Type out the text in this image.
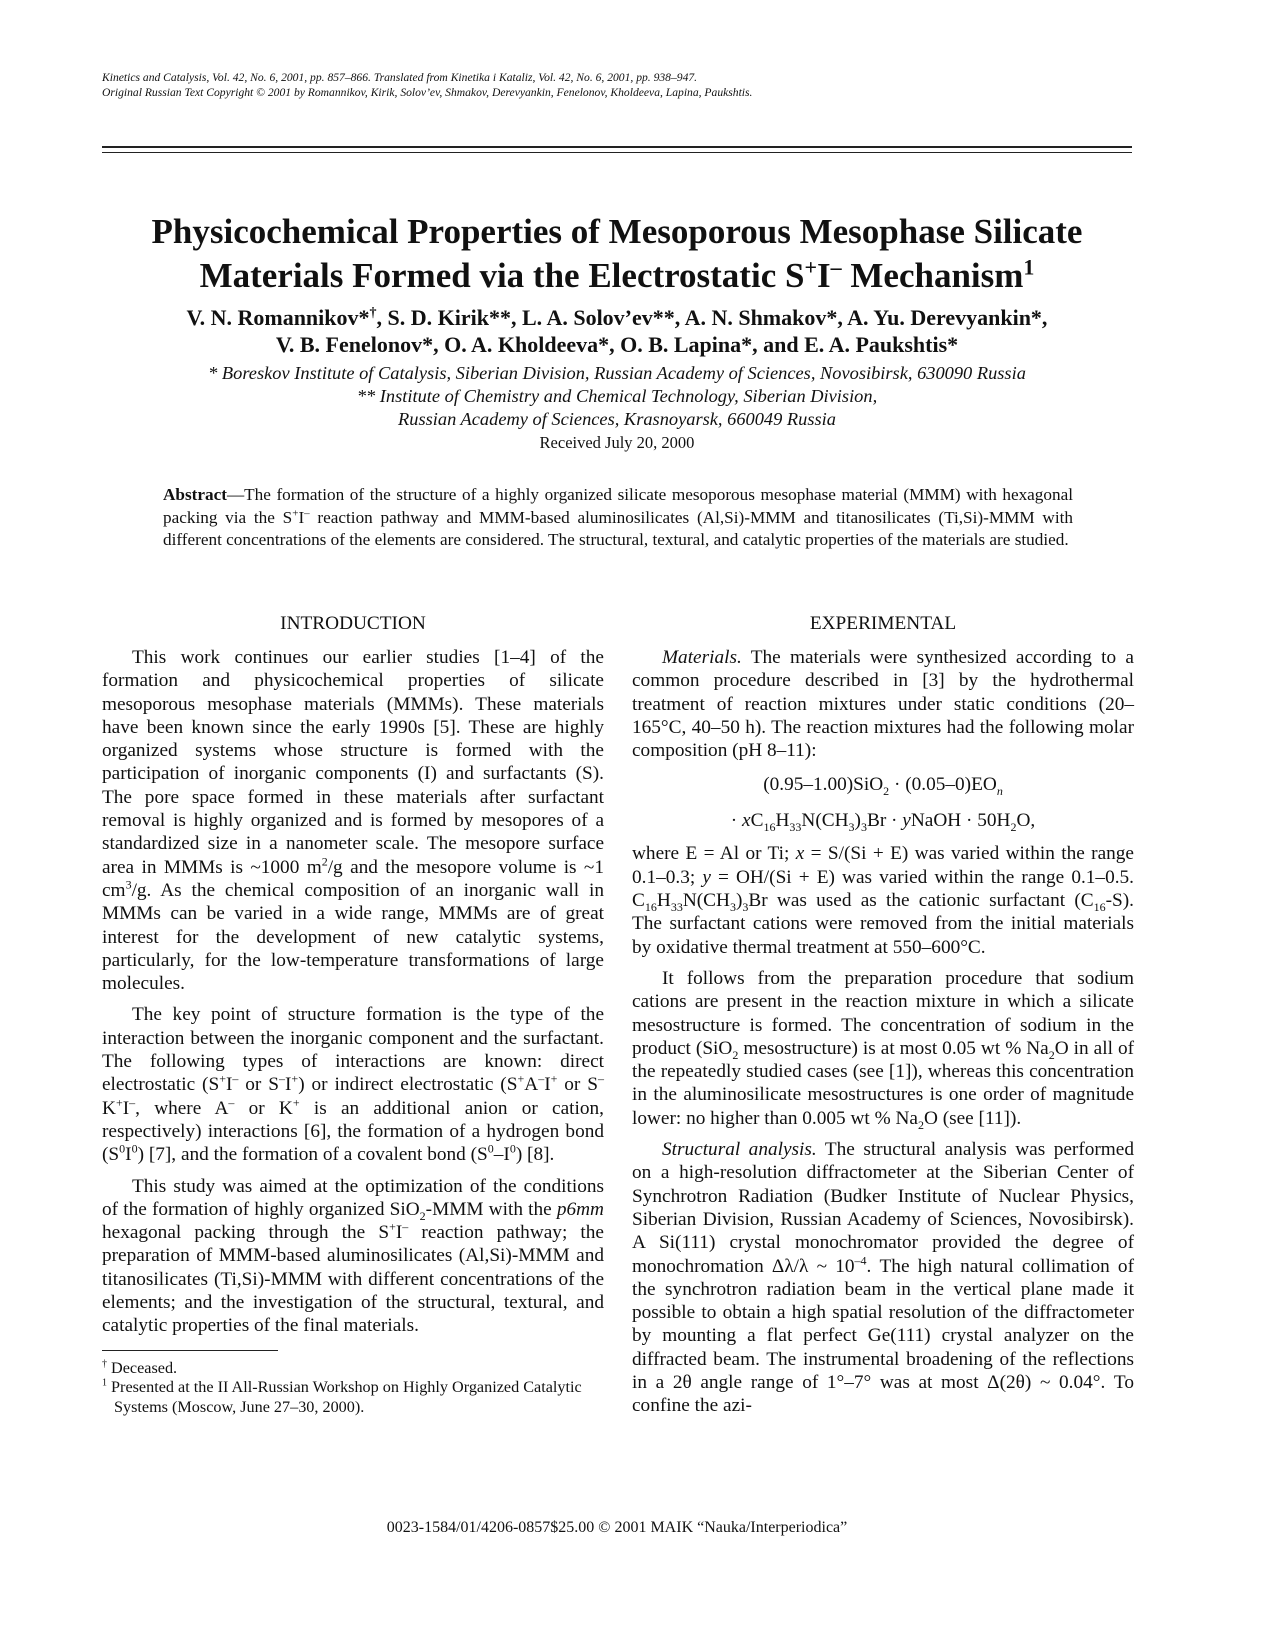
Kinetics and Catalysis, Vol. 42, No. 6, 2001, pp. 857–866. Translated from Kinetika i Kataliz, Vol. 42, No. 6, 2001, pp. 938–947.
Original Russian Text Copyright © 2001 by Romannikov, Kirik, Solov’ev, Shmakov, Derevyankin, Fenelonov, Kholdeeva, Lapina, Paukshtis.
Physicochemical Properties of Mesoporous Mesophase Silicate
Materials Formed via the Electrostatic S+I– Mechanism$^1$
V. N. Romannikov*†, S. D. Kirik**, L. A. Solov’ev**, A. N. Shmakov*, A. Yu. Derevyankin*,
V. B. Fenelonov*, O. A. Kholdeeva*, O. B. Lapina*, and E. A. Paukshtis*
* Boreskov Institute of Catalysis, Siberian Division, Russian Academy of Sciences, Novosibirsk, 630090 Russia
** Institute of Chemistry and Chemical Technology, Siberian Division,
Russian Academy of Sciences, Krasnoyarsk, 660049 Russia
Received July 20, 2000
Abstract—The formation of the structure of a highly organized silicate mesoporous mesophase material (MMM) with hexagonal packing via the S+I– reaction pathway and MMM-based aluminosilicates (Al,Si)-MMM and titanosilicates (Ti,Si)-MMM with different concentrations of the elements are considered. The structural, textural, and catalytic properties of the materials are studied.
INTRODUCTION

This work continues our earlier studies [1–4] of the formation and physicochemical properties of silicate mesoporous mesophase materials (MMMs). These materials have been known since the early 1990s [5]. These are highly organized systems whose structure is formed with the participation of inorganic components (I) and surfactants (S). The pore space formed in these materials after surfactant removal is highly organized and is formed by mesopores of a standardized size in a nanometer scale. The mesopore surface area in MMMs is ~1000 $m^2/g$ and the mesopore volume is ~1 $cm^3/g$. As the chemical composition of an inorganic wall in MMMs can be varied in a wide range, MMMs are of great interest for the development of new catalytic systems, particularly, for the low-temperature transformations of large molecules.

The key point of structure formation is the type of the interaction between the inorganic component and the surfactant. The following types of interactions are known: direct electrostatic (S+I– or S–I+) or indirect electrostatic (S+A–I+ or S–K+I–, where A– or K+ is an additional anion or cation, respectively) interactions [6], the formation of a hydrogen bond $(S^0I^0)$ [7], and the formation of a covalent bond $(S^0-I^0)$ [8].

This study was aimed at the optimization of the conditions of the formation of highly organized SiO$_2$-MMM with the p6mm hexagonal packing through the S+I– reaction pathway; the preparation of MMM-based aluminosilicates (Al,Si)-MMM and titanosilicates (Ti,Si)-MMM with different concentrations of the elements; and the investigation of the structural, textural, and catalytic properties of the final materials.

† Deceased.
$^1$ Presented at the II All-Russian Workshop on Highly Organized Catalytic Systems (Moscow, June 27–30, 2000).
EXPERIMENTAL

Materials. The materials were synthesized according to a common procedure described in [3] by the hydrothermal treatment of reaction mixtures under static conditions (20–165°C, 40–50 h). The reaction mixtures had the following molar composition (pH 8–11):

$(0.95-1.00)SiO_2 \cdot (0.05-0)EO_n$
· $xC_{16}H_{33}N(CH_3)_3Br$ · yNaOH · $50H_2O$,

where E = Al or Ti; x = S/(Si + E) was varied within the range 0.1–0.3; y = OH/(Si + E) was varied within the range 0.1–0.5. $C_{16}H_{33}N(CH_3)_3Br$ was used as the cationic surfactant $(C_{16}-S)$. The surfactant cations were removed from the initial materials by oxidative thermal treatment at 550–600°C.

It follows from the preparation procedure that sodium cations are present in the reaction mixture in which a silicate mesostructure is formed. The concentration of sodium in the product (SiO$_2$ mesostructure) is at most 0.05 wt % $Na_2O$ in all of the repeatedly studied cases (see [1]), whereas this concentration in the aluminosilicate mesostructures is one order of magnitude lower: no higher than 0.005 wt % $Na_2O$ (see [11]).

Structural analysis. The structural analysis was performed on a high-resolution diffractometer at the Siberian Center of Synchrotron Radiation (Budker Institute of Nuclear Physics, Siberian Division, Russian Academy of Sciences, Novosibirsk). A Si(111) crystal monochromator provided the degree of monochromation Δλ/λ ~ $10^{-4}$. The high natural collimation of the synchrotron radiation beam in the vertical plane made it possible to obtain a high spatial resolution of the diffractometer by mounting a flat perfect Ge(111) crystal analyzer on the diffracted beam. The instrumental broadening of the reflections in a 2θ angle range of 1°–7° was at most Δ(2θ) ~ 0.04°. To confine the azi-

0023-1584/01/4206-0857$25.00 © 2001 MAIK “Nauka/Interperiodica”
